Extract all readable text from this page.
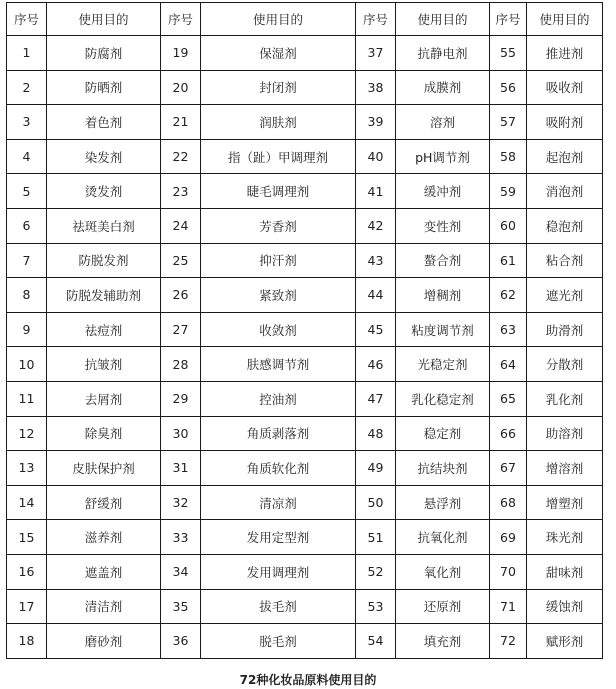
序号	使用目的	序号	使用目的	序号	使用目的	序号	使用目的
1	防腐剂	19	保湿剂	37	抗静电剂	55	推进剂
2	防晒剂	20	封闭剂	38	成膜剂	56	吸收剂
3	着色剂	21	润肤剂	39	溶剂	57	吸附剂
4	染发剂	22	指（趾）甲调理剂	40	pH调节剂	58	起泡剂
5	烫发剂	23	睫毛调理剂	41	缓冲剂	59	消泡剂
6	祛斑美白剂	24	芳香剂	42	变性剂	60	稳泡剂
7	防脱发剂	25	抑汗剂	43	螯合剂	61	粘合剂
8	防脱发辅助剂	26	紧致剂	44	增稠剂	62	遮光剂
9	祛痘剂	27	收敛剂	45	粘度调节剂	63	助滑剂
10	抗皱剂	28	肤感调节剂	46	光稳定剂	64	分散剂
11	去屑剂	29	控油剂	47	乳化稳定剂	65	乳化剂
12	除臭剂	30	角质剥落剂	48	稳定剂	66	助溶剂
13	皮肤保护剂	31	角质软化剂	49	抗结块剂	67	增溶剂
14	舒缓剂	32	清凉剂	50	悬浮剂	68	增塑剂
15	滋养剂	33	发用定型剂	51	抗氧化剂	69	珠光剂
16	遮盖剂	34	发用调理剂	52	氧化剂	70	甜味剂
17	清洁剂	35	拔毛剂	53	还原剂	71	缓蚀剂
18	磨砂剂	36	脱毛剂	54	填充剂	72	赋形剂
72种化妆品原料使用目的
